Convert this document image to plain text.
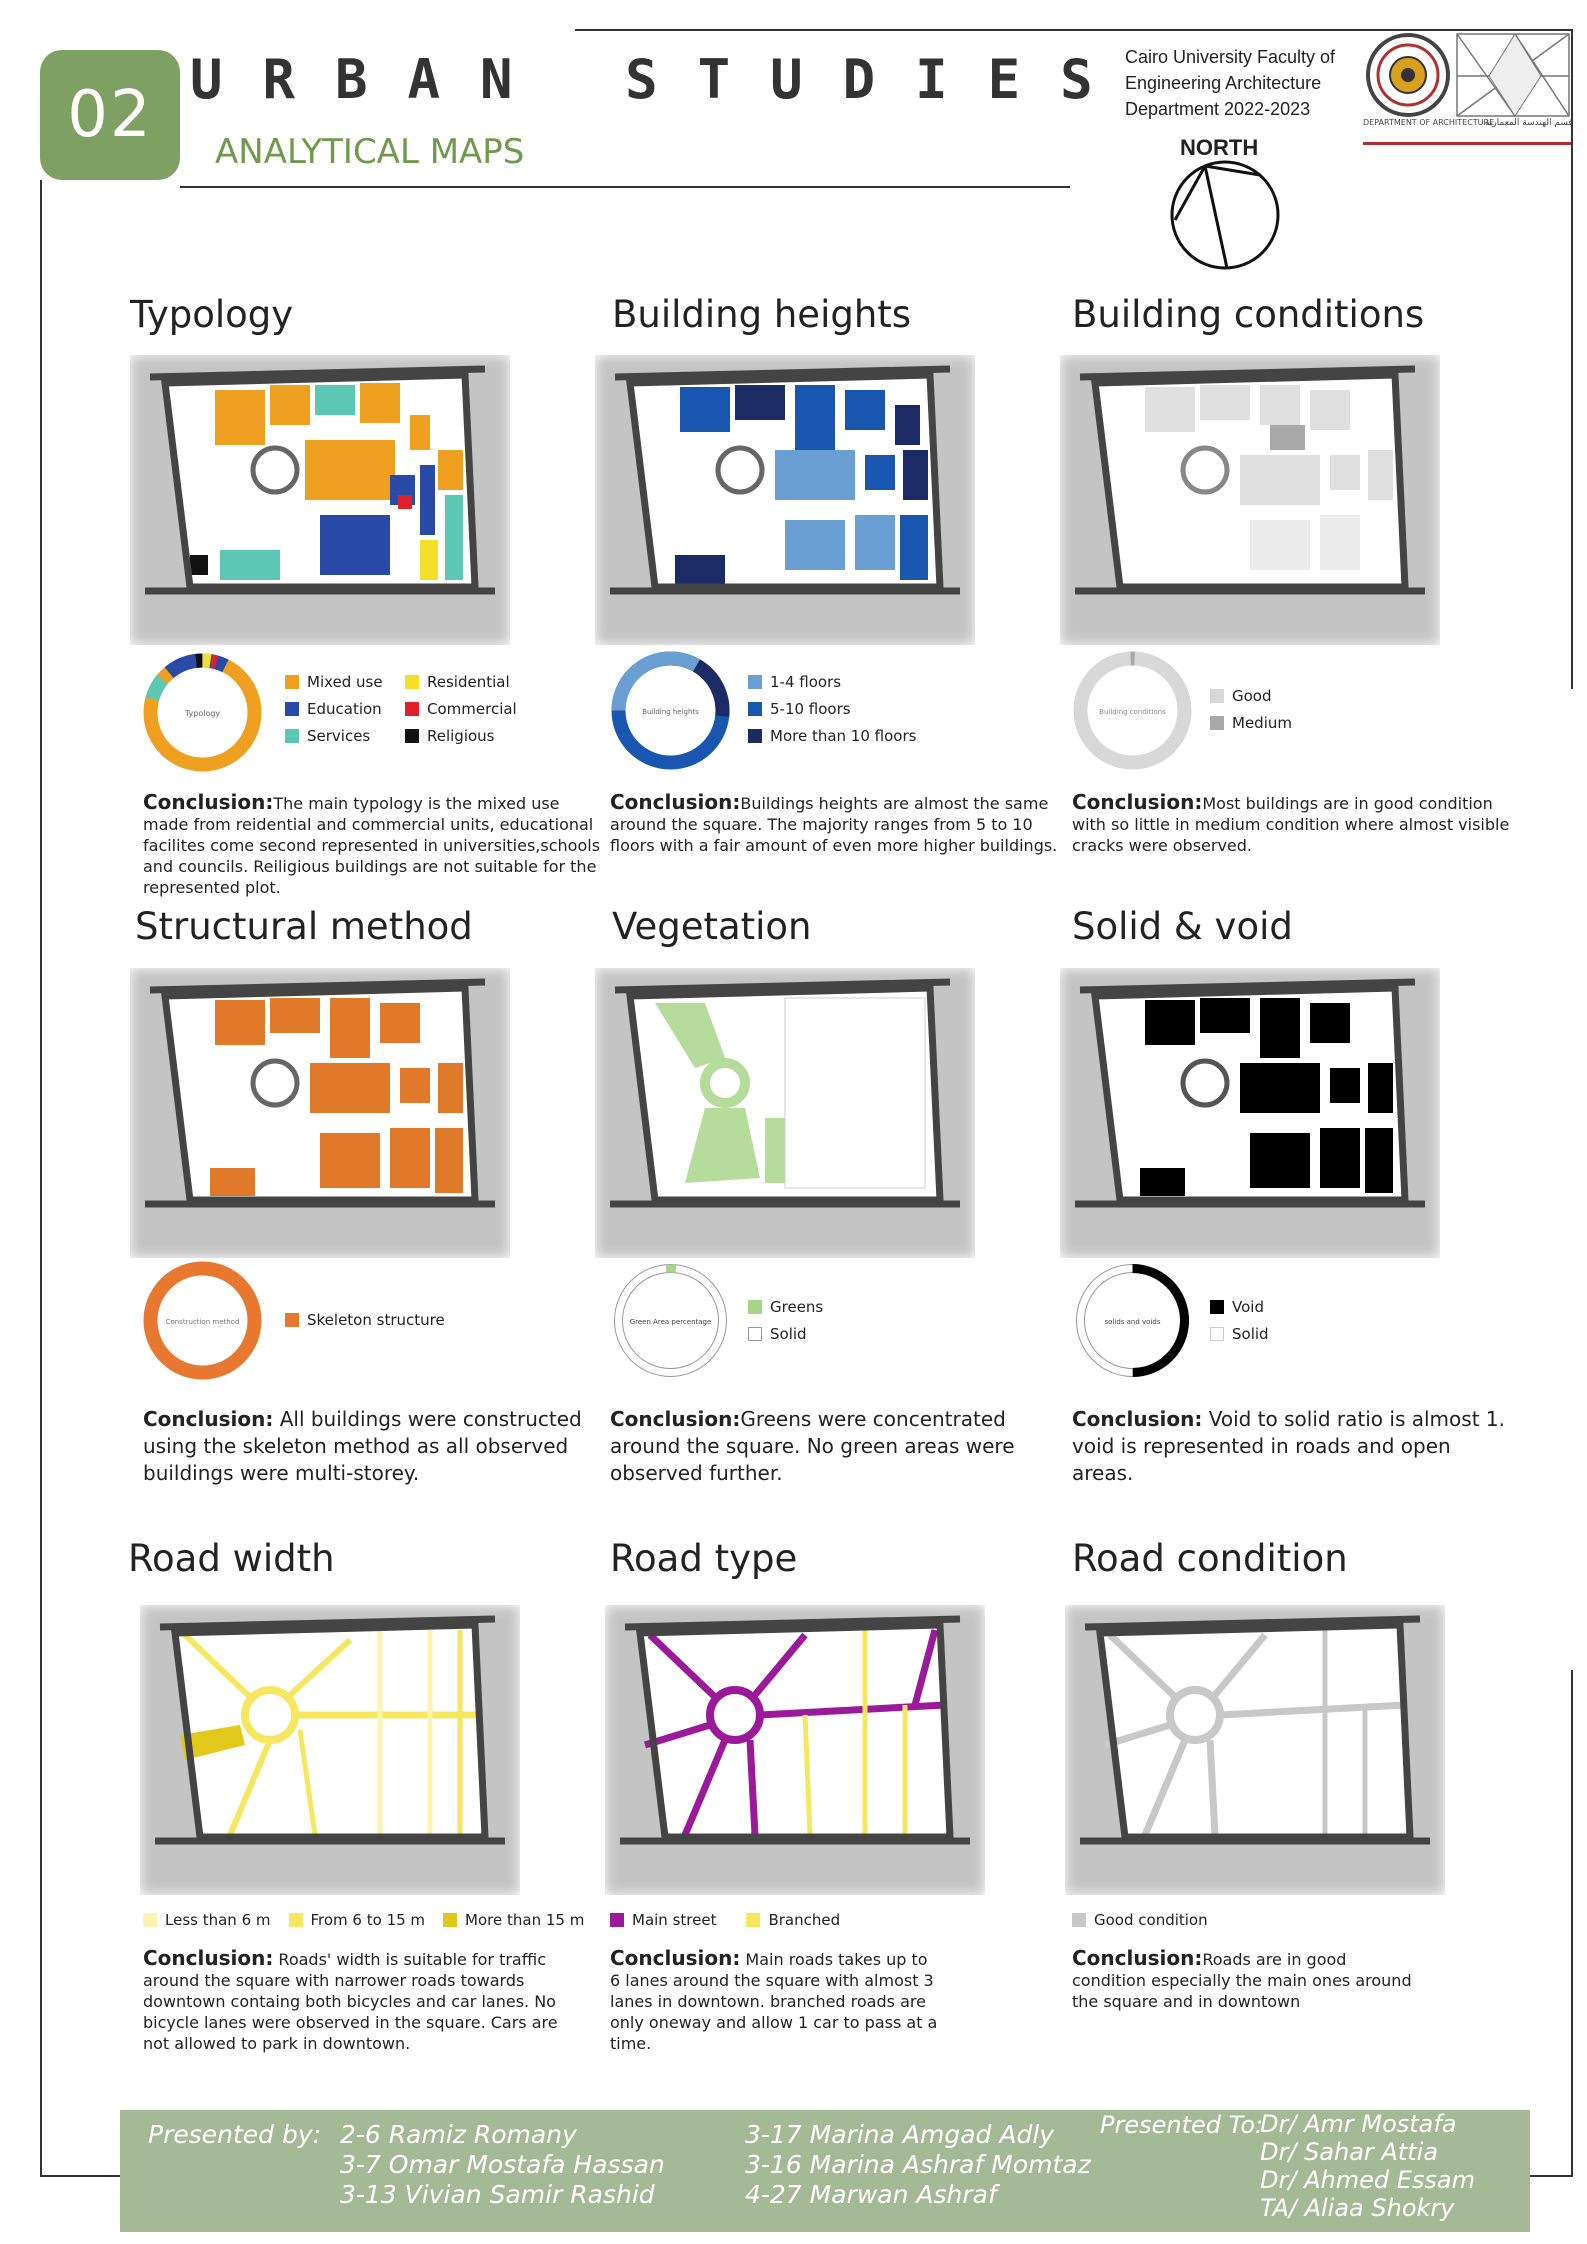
02 URBAN STUDIES
ANALYTICAL MAPS
Cairo University Faculty of
Engineering Architecture
Department 2022-2023
NORTH
DEPARTMENT OF ARCHITECTURE
قسم الهندسة المعمارية
Typology
Typology
Mixed use
Education
Services
Residential
Commercial
Religious
Conclusion:The main typology is the mixed use made from reidential and commercial units, educational facilites come second represented in universities,schools and councils. Reiligious buildings are not suitable for the represented plot.
Building heights
Building heights
1-4 floors
5-10 floors
More than 10 floors
Conclusion:Buildings heights are almost the same around the square. The majority ranges from 5 to 10 floors with a fair amount of even more higher buildings.
Building conditions
Building conditions
Good
Medium
Conclusion:Most buildings are in good condition with so little in medium condition where almost visible cracks were observed.
Structural method
Construction method	Skeleton structure
Conclusion: All buildings were constructed using the skeleton method as all observed buildings were multi-storey.
Vegetation
Green Area percentage
Greens
Solid
Conclusion:Greens were concentrated around the square. No green areas were observed further.
Solid & void
solids and voids
Void
Solid
Conclusion: Void to solid ratio is almost 1. void is represented in roads and open areas.
Road width
Less than 6 m	From 6 to 15 m	More than 15 m
Conclusion: Roads' width is suitable for traffic around the square with narrower roads towards downtown containg both bicycles and car lanes. No bicycle lanes were observed in the square. Cars are not allowed to park in downtown.
Road type
Main street	Branched
Conclusion: Main roads takes up to 6 lanes around the square with almost 3 lanes in downtown. branched roads are only oneway and allow 1 car to pass at a time.
Road condition
Good condition
Conclusion:Roads are in good condition especially the main ones around the square and in downtown
Presented by: 2-6 Ramiz Romany
3-7 Omar Mostafa Hassan
3-13 Vivian Samir Rashid
3-17 Marina Amgad Adly
3-16 Marina Ashraf Momtaz
4-27 Marwan Ashraf
Presented To:
Dr/ Amr Mostafa
Dr/ Sahar Attia
Dr/ Ahmed Essam
TA/ Aliaa Shokry
